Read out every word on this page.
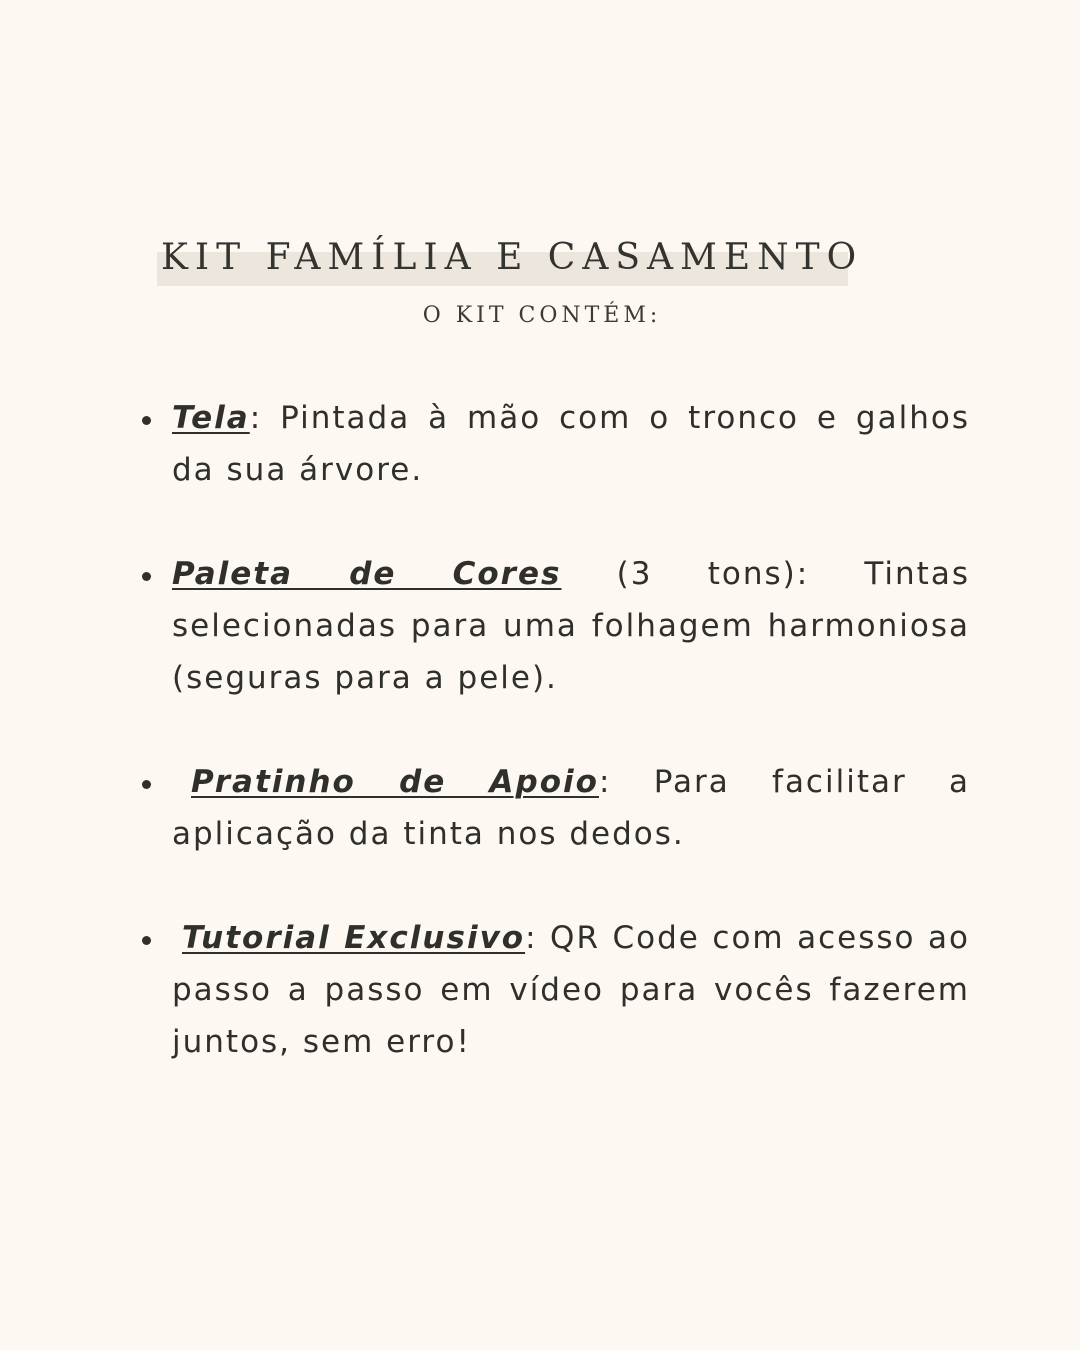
KIT FAMÍLIA E CASAMENTO
O KIT CONTÉM:
Tela: Pintada à mão com o tronco e galhos da sua árvore.
Paleta de Cores (3 tons): Tintas selecionadas para uma folhagem harmoniosa (seguras para a pele).
Pratinho de Apoio: Para facilitar a aplicação da tinta nos dedos.
Tutorial Exclusivo: QR Code com acesso ao passo a passo em vídeo para vocês fazerem juntos, sem erro!
